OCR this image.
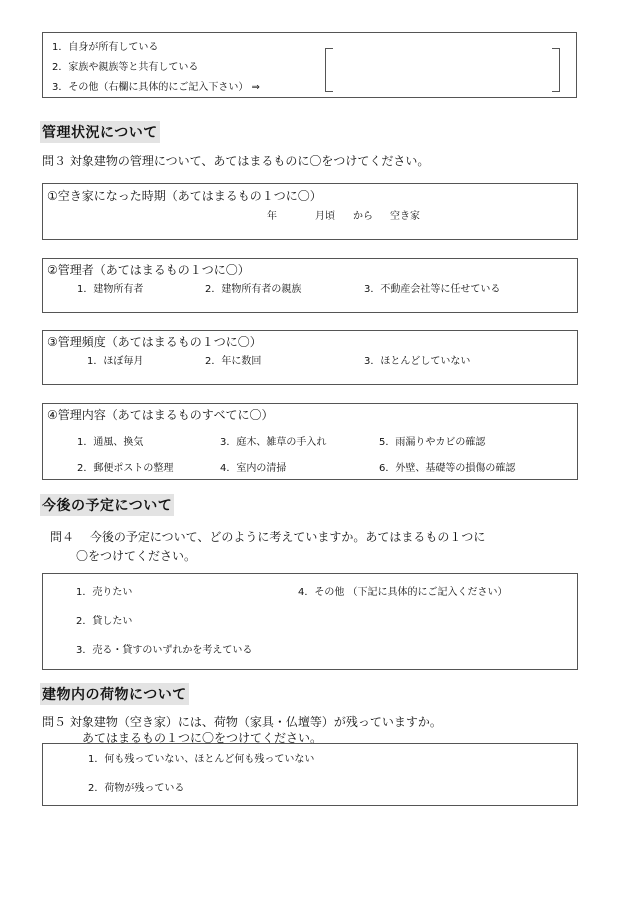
1．自身が所有している
2．家族や親族等と共有している
3．その他（右欄に具体的にご記入下さい） ⇒
管理状況について
問３ 対象建物の管理について、あてはまるものに〇をつけてください。
①空き家になった時期（あてはまるもの１つに〇）
年	月頃 から 空き家
②管理者（あてはまるもの１つに〇）
1．建物所有者	2．建物所有者の親族	3．不動産会社等に任せている
③管理頻度（あてはまるもの１つに〇）
1．ほぼ毎月	2．年に数回	3．ほとんどしていない
④管理内容（あてはまるものすべてに〇）
1．通風、換気	3．庭木、雑草の手入れ	5．雨漏りやカビの確認
2．郵便ポストの整理	4．室内の清掃	6．外壁、基礎等の損傷の確認
今後の予定について
問４　 今後の予定について、どのように考えていますか。あてはまるもの１つに
〇をつけてください。
1．売りたい	4．その他 （下記に具体的にご記入ください）
2．貸したい
3．売る・貸すのいずれかを考えている
建物内の荷物について
問５ 対象建物（空き家）には、荷物（家具・仏壇等）が残っていますか。
あてはまるもの１つに〇をつけてください。
1．何も残っていない、ほとんど何も残っていない
2．荷物が残っている
